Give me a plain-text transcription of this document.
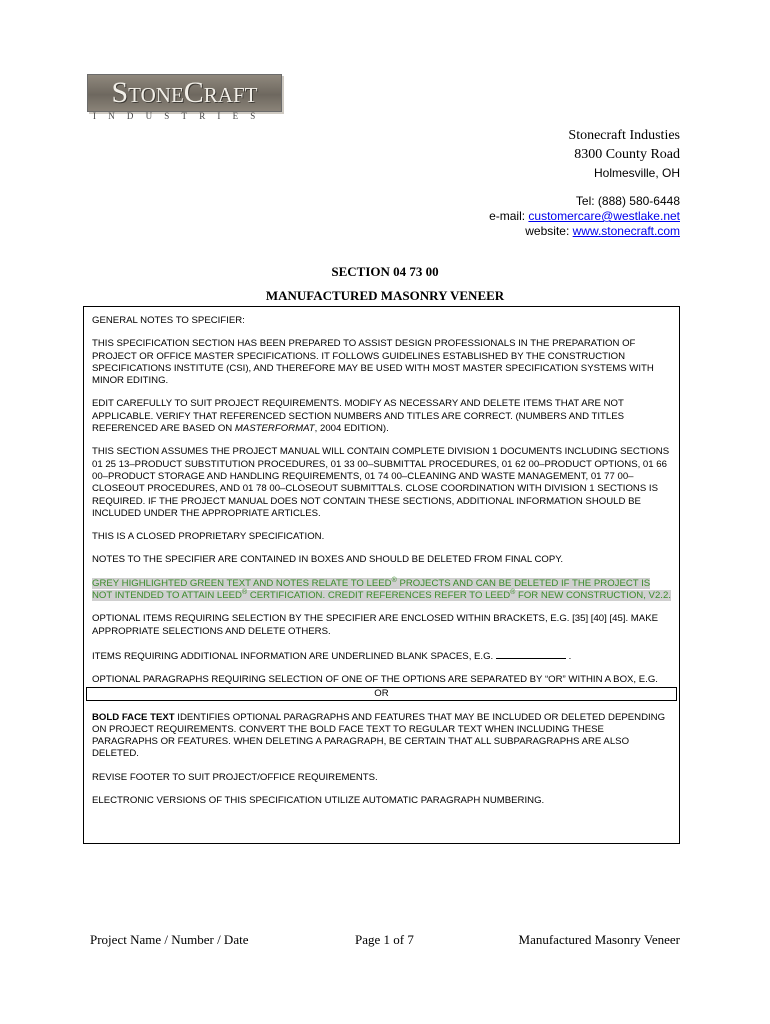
StoneCraft
INDUSTRIES
Stonecraft Industies
8300 County Road
Holmesville, OH
Tel: (888) 580-6448
e-mail: customercare@westlake.net
website: www.stonecraft.com
SECTION 04 73 00
MANUFACTURED MASONRY VENEER

GENERAL NOTES TO SPECIFIER:

THIS SPECIFICATION SECTION HAS BEEN PREPARED TO ASSIST DESIGN PROFESSIONALS IN THE PREPARATION OF PROJECT OR OFFICE MASTER SPECIFICATIONS. IT FOLLOWS GUIDELINES ESTABLISHED BY THE CONSTRUCTION SPECIFICATIONS INSTITUTE (CSI), AND THEREFORE MAY BE USED WITH MOST MASTER SPECIFICATION SYSTEMS WITH MINOR EDITING.

EDIT CAREFULLY TO SUIT PROJECT REQUIREMENTS. MODIFY AS NECESSARY AND DELETE ITEMS THAT ARE NOT APPLICABLE. VERIFY THAT REFERENCED SECTION NUMBERS AND TITLES ARE CORRECT. (NUMBERS AND TITLES REFERENCED ARE BASED ON MASTERFORMAT, 2004 EDITION).

THIS SECTION ASSUMES THE PROJECT MANUAL WILL CONTAIN COMPLETE DIVISION 1 DOCUMENTS INCLUDING SECTIONS 01 25 13–PRODUCT SUBSTITUTION PROCEDURES, 01 33 00–SUBMITTAL PROCEDURES, 01 62 00–PRODUCT OPTIONS, 01 66 00–PRODUCT STORAGE AND HANDLING REQUIREMENTS, 01 74 00–CLEANING AND WASTE MANAGEMENT, 01 77 00–CLOSEOUT PROCEDURES, AND 01 78 00–CLOSEOUT SUBMITTALS. CLOSE COORDINATION WITH DIVISION 1 SECTIONS IS REQUIRED. IF THE PROJECT MANUAL DOES NOT CONTAIN THESE SECTIONS, ADDITIONAL INFORMATION SHOULD BE INCLUDED UNDER THE APPROPRIATE ARTICLES.

THIS IS A CLOSED PROPRIETARY SPECIFICATION.

NOTES TO THE SPECIFIER ARE CONTAINED IN BOXES AND SHOULD BE DELETED FROM FINAL COPY.

GREY HIGHLIGHTED GREEN TEXT AND NOTES RELATE TO LEED® PROJECTS AND CAN BE DELETED IF THE PROJECT IS NOT INTENDED TO ATTAIN LEED® CERTIFICATION. CREDIT REFERENCES REFER TO LEED® FOR NEW CONSTRUCTION, V2.2.

OPTIONAL ITEMS REQUIRING SELECTION BY THE SPECIFIER ARE ENCLOSED WITHIN BRACKETS, E.G. [35] [40] [45]. MAKE APPROPRIATE SELECTIONS AND DELETE OTHERS.

ITEMS REQUIRING ADDITIONAL INFORMATION ARE UNDERLINED BLANK SPACES, E.G.	.

OPTIONAL PARAGRAPHS REQUIRING SELECTION OF ONE OF THE OPTIONS ARE SEPARATED BY “OR” WITHIN A BOX, E.G.

OR

BOLD FACE TEXT IDENTIFIES OPTIONAL PARAGRAPHS AND FEATURES THAT MAY BE INCLUDED OR DELETED DEPENDING ON PROJECT REQUIREMENTS. CONVERT THE BOLD FACE TEXT TO REGULAR TEXT WHEN INCLUDING THESE PARAGRAPHS OR FEATURES. WHEN DELETING A PARAGRAPH, BE CERTAIN THAT ALL SUBPARAGRAPHS ARE ALSO DELETED.

REVISE FOOTER TO SUIT PROJECT/OFFICE REQUIREMENTS.

ELECTRONIC VERSIONS OF THIS SPECIFICATION UTILIZE AUTOMATIC PARAGRAPH NUMBERING.

Project Name / Number / Date	Page 1 of 7	Manufactured Masonry Veneer
